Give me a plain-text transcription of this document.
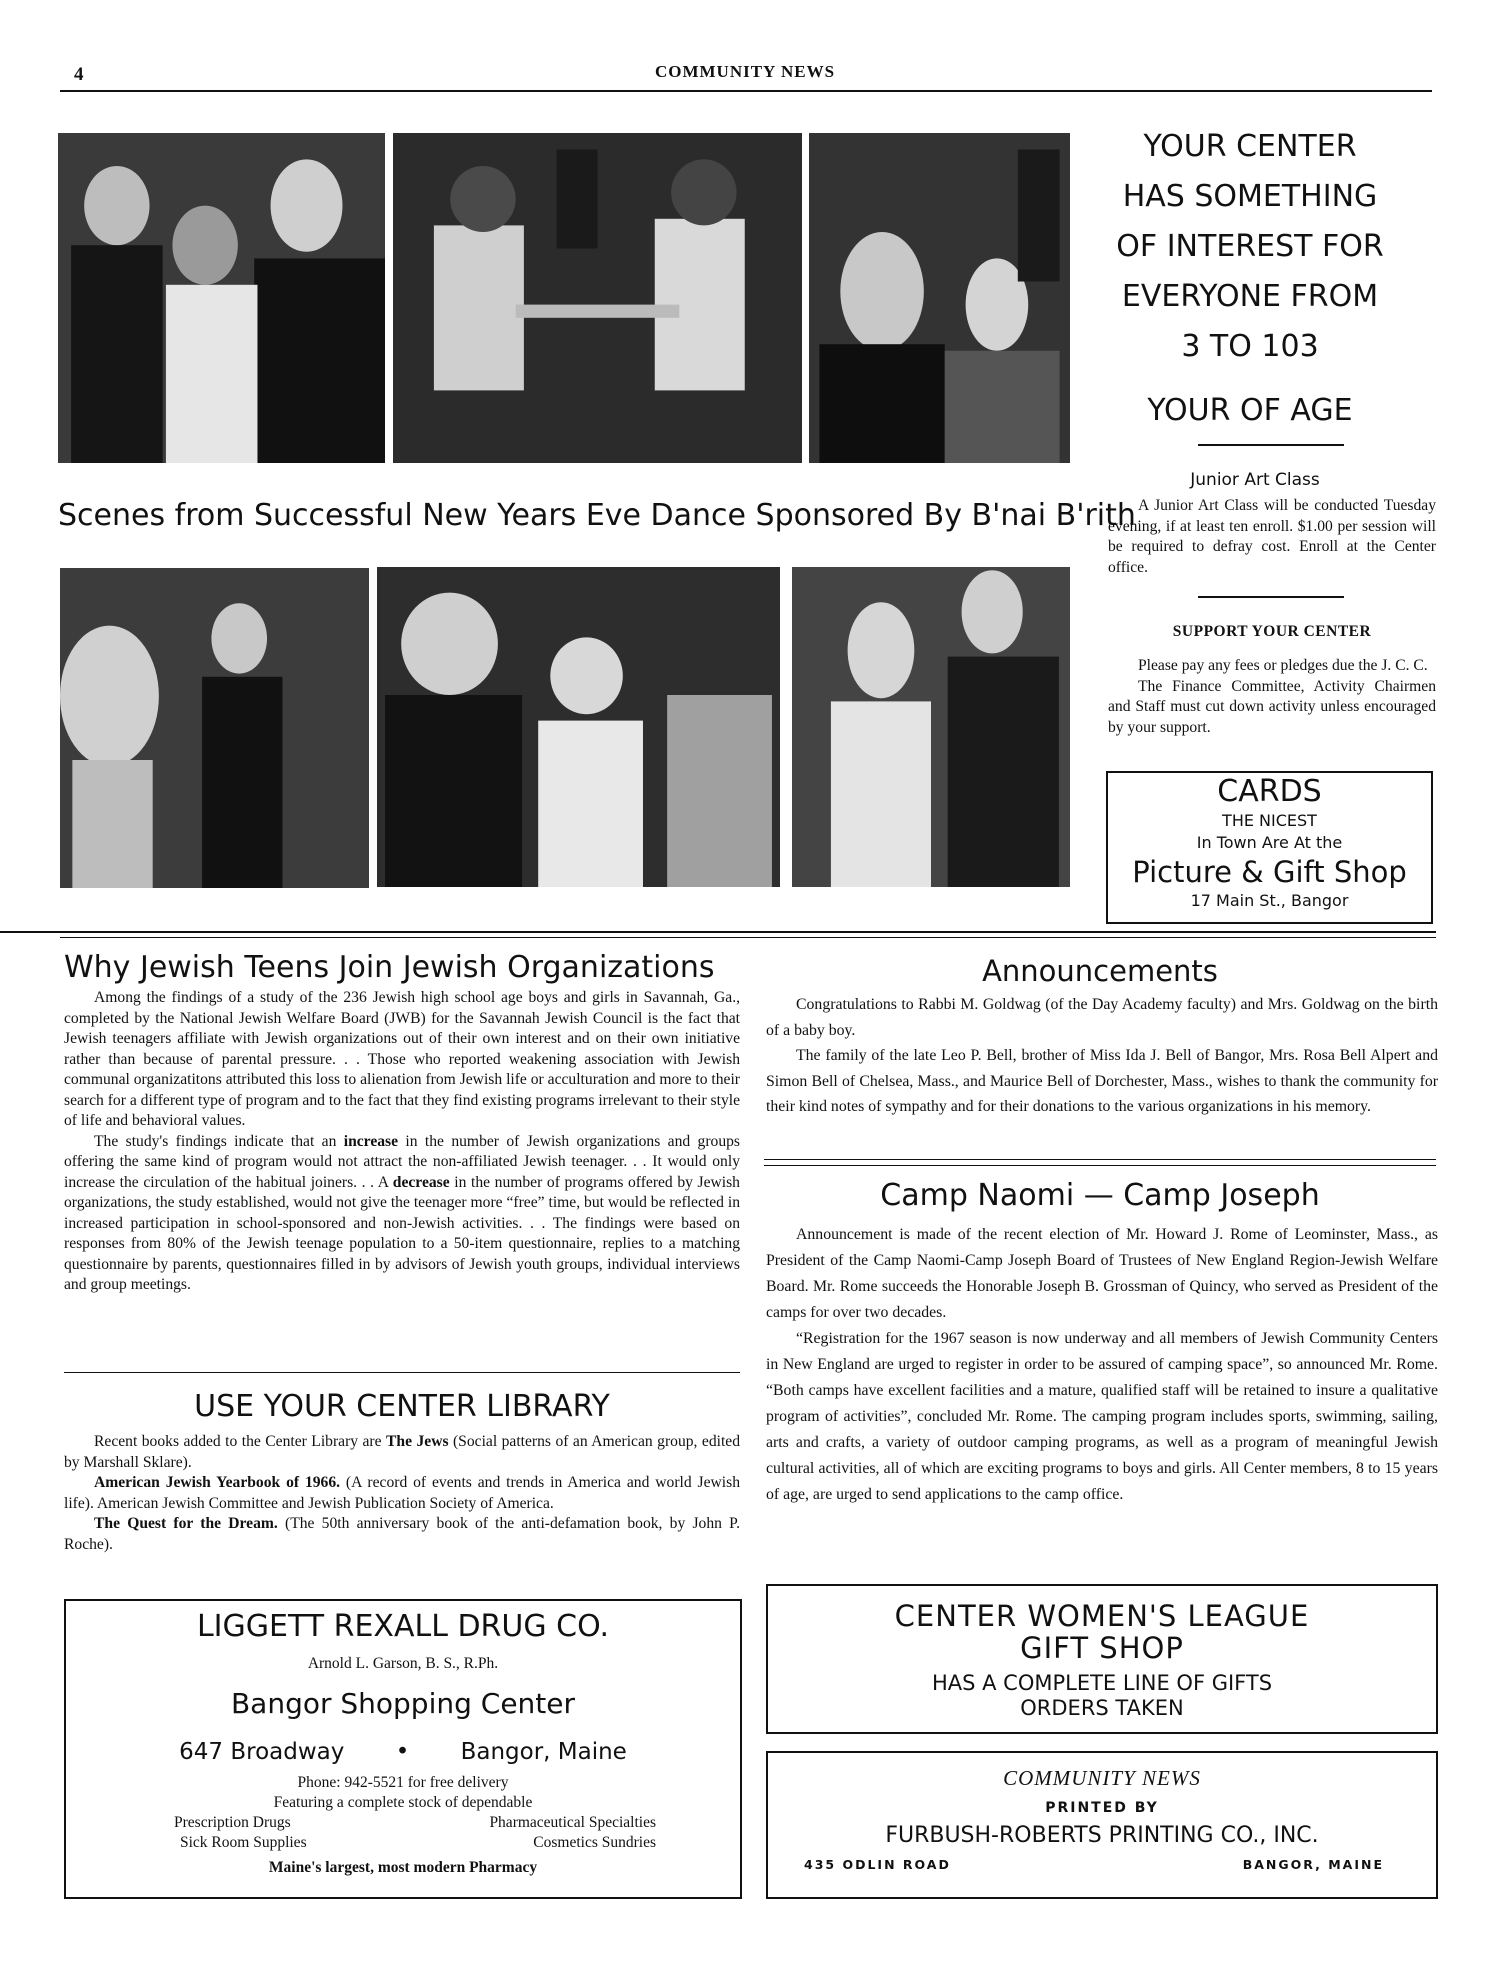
4	COMMUNITY NEWS
Scenes from Successful New Years Eve Dance Sponsored By B'nai B'rith
YOUR CENTER
HAS SOMETHING
OF INTEREST FOR
EVERYONE FROM
3 TO 103
YOUR OF AGE
Junior Art Class

A Junior Art Class will be conducted Tuesday evening, if at least ten enroll. $1.00 per session will be required to defray cost. Enroll at the Center office.

SUPPORT YOUR CENTER

Please pay any fees or pledges due the J. C. C.

The Finance Committee, Activity Chairmen and Staff must cut down activity unless encouraged by your support.

CARDS
THE NICEST
In Town Are At the
Picture & Gift Shop
17 Main St., Bangor
Why Jewish Teens Join Jewish Organizations

Among the findings of a study of the 236 Jewish high school age boys and girls in Savannah, Ga., completed by the National Jewish Welfare Board (JWB) for the Savannah Jewish Council is the fact that Jewish teenagers affiliate with Jewish organizations out of their own interest and on their own initiative rather than because of parental pressure. . . Those who reported weakening association with Jewish communal organizatitons attributed this loss to alienation from Jewish life or acculturation and more to their search for a different type of program and to the fact that they find existing programs irrelevant to their style of life and behavioral values.

The study's findings indicate that an increase in the number of Jewish organizations and groups offering the same kind of program would not attract the non-affiliated Jewish teenager. . . It would only increase the circulation of the habitual joiners. . . A decrease in the number of programs offered by Jewish organizations, the study established, would not give the teenager more “free” time, but would be reflected in increased participation in school-sponsored and non-Jewish activities. . . The findings were based on responses from 80% of the Jewish teenage population to a 50-item questionnaire, replies to a matching questionnaire by parents, questionnaires filled in by advisors of Jewish youth groups, individual interviews and group meetings.

USE YOUR CENTER LIBRARY

Recent books added to the Center Library are The Jews (Social patterns of an American group, edited by Marshall Sklare).

American Jewish Yearbook of 1966. (A record of events and trends in America and world Jewish life). American Jewish Committee and Jewish Publication Society of America.

The Quest for the Dream. (The 50th anniversary book of the anti-defamation book, by John P. Roche).

Announcements

Congratulations to Rabbi M. Goldwag (of the Day Academy faculty) and Mrs. Goldwag on the birth of a baby boy.

The family of the late Leo P. Bell, brother of Miss Ida J. Bell of Bangor, Mrs. Rosa Bell Alpert and Simon Bell of Chelsea, Mass., and Maurice Bell of Dorchester, Mass., wishes to thank the community for their kind notes of sympathy and for their donations to the various organizations in his memory.

Camp Naomi — Camp Joseph

Announcement is made of the recent election of Mr. Howard J. Rome of Leominster, Mass., as President of the Camp Naomi-Camp Joseph Board of Trustees of New England Region-Jewish Welfare Board. Mr. Rome succeeds the Honorable Joseph B. Grossman of Quincy, who served as President of the camps for over two decades.

“Registration for the 1967 season is now underway and all members of Jewish Community Centers in New England are urged to register in order to be assured of camping space”, so announced Mr. Rome. “Both camps have excellent facilities and a mature, qualified staff will be retained to insure a qualitative program of activities”, concluded Mr. Rome. The camping program includes sports, swimming, sailing, arts and crafts, a variety of outdoor camping programs, as well as a program of meaningful Jewish cultural activities, all of which are exciting programs to boys and girls. All Center members, 8 to 15 years of age, are urged to send applications to the camp office.

LIGGETT REXALL DRUG CO.
Arnold L. Garson, B. S., R.Ph.
Bangor Shopping Center
647 Broadway • Bangor, Maine
Phone: 942-5521 for free delivery
Featuring a complete stock of dependable
Prescription Drugs	Pharmaceutical Specialties
Sick Room Supplies	Cosmetics Sundries
Maine's largest, most modern Pharmacy
CENTER WOMEN'S LEAGUE
GIFT SHOP
HAS A COMPLETE LINE OF GIFTS
ORDERS TAKEN
COMMUNITY NEWS
PRINTED BY
FURBUSH-ROBERTS PRINTING CO., INC.
435 ODLIN ROAD	BANGOR, MAINE
